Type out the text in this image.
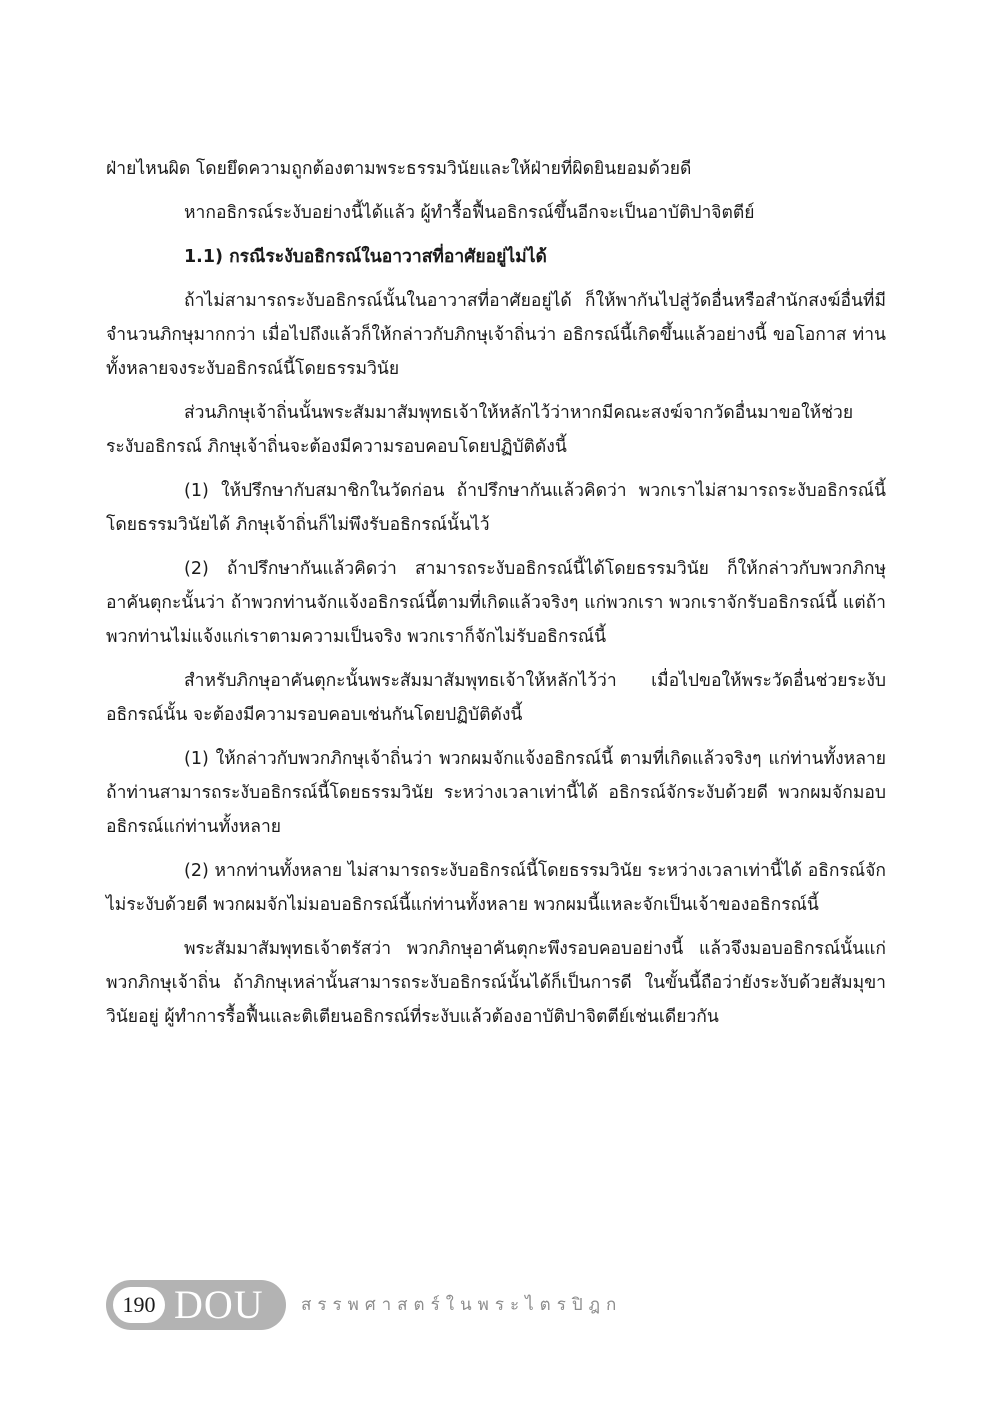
ฝ่ายไหนผิด โดยยึดความถูกต้องตามพระธรรมวินัยและให้ฝ่ายที่ผิดยินยอมด้วยดี

หากอธิกรณ์ระงับอย่างนี้ได้แล้ว ผู้ทำรื้อฟื้นอธิกรณ์ขึ้นอีกจะเป็นอาบัติปาจิตตีย์

1.1) กรณีระงับอธิกรณ์ในอาวาสที่อาศัยอยู่ไม่ได้

ถ้าไม่สามารถระงับอธิกรณ์นั้นในอาวาสที่อาศัยอยู่ได้ ก็ให้พากันไปสู่วัดอื่นหรือสำนักสงฆ์อื่นที่มีจำนวนภิกษุมากกว่า เมื่อไปถึงแล้วก็ให้กล่าวกับภิกษุเจ้าถิ่นว่า อธิกรณ์นี้เกิดขึ้นแล้วอย่างนี้ ขอโอกาส ท่านทั้งหลายจงระงับอธิกรณ์นี้โดยธรรมวินัย

ส่วนภิกษุเจ้าถิ่นนั้นพระสัมมาสัมพุทธเจ้าให้หลักไว้ว่าหากมีคณะสงฆ์จากวัดอื่นมาขอให้ช่วยระงับอธิกรณ์ ภิกษุเจ้าถิ่นจะต้องมีความรอบคอบโดยปฏิบัติดังนี้

(1) ให้ปรึกษากับสมาชิกในวัดก่อน ถ้าปรึกษากันแล้วคิดว่า พวกเราไม่สามารถระงับอธิกรณ์นี้โดยธรรมวินัยได้ ภิกษุเจ้าถิ่นก็ไม่พึงรับอธิกรณ์นั้นไว้

(2) ถ้าปรึกษากันแล้วคิดว่า สามารถระงับอธิกรณ์นี้ได้โดยธรรมวินัย ก็ให้กล่าวกับพวกภิกษุอาคันตุกะนั้นว่า ถ้าพวกท่านจักแจ้งอธิกรณ์นี้ตามที่เกิดแล้วจริงๆ แก่พวกเรา พวกเราจักรับอธิกรณ์นี้ แต่ถ้าพวกท่านไม่แจ้งแก่เราตามความเป็นจริง พวกเราก็จักไม่รับอธิกรณ์นี้

สำหรับภิกษุอาคันตุกะนั้นพระสัมมาสัมพุทธเจ้าให้หลักไว้ว่า เมื่อไปขอให้พระวัดอื่นช่วยระงับอธิกรณ์นั้น จะต้องมีความรอบคอบเช่นกันโดยปฏิบัติดังนี้

(1) ให้กล่าวกับพวกภิกษุเจ้าถิ่นว่า พวกผมจักแจ้งอธิกรณ์นี้ ตามที่เกิดแล้วจริงๆ แก่ท่านทั้งหลาย ถ้าท่านสามารถระงับอธิกรณ์นี้โดยธรรมวินัย ระหว่างเวลาเท่านี้ได้ อธิกรณ์จักระงับด้วยดี พวกผมจักมอบอธิกรณ์แก่ท่านทั้งหลาย

(2) หากท่านทั้งหลาย ไม่สามารถระงับอธิกรณ์นี้โดยธรรมวินัย ระหว่างเวลาเท่านี้ได้ อธิกรณ์จักไม่ระงับด้วยดี พวกผมจักไม่มอบอธิกรณ์นี้แก่ท่านทั้งหลาย พวกผมนี้แหละจักเป็นเจ้าของอธิกรณ์นี้

พระสัมมาสัมพุทธเจ้าตรัสว่า พวกภิกษุอาคันตุกะพึงรอบคอบอย่างนี้ แล้วจึงมอบอธิกรณ์นั้นแก่พวกภิกษุเจ้าถิ่น ถ้าภิกษุเหล่านั้นสามารถระงับอธิกรณ์นั้นได้ก็เป็นการดี ในขั้นนี้ถือว่ายังระงับด้วยสัมมุขาวินัยอยู่ ผู้ทำการรื้อฟื้นและติเตียนอธิกรณ์ที่ระงับแล้วต้องอาบัติปาจิตตีย์เช่นเดียวกัน

190 DOU สรรพศาสตร์ในพระไตรปิฎก
